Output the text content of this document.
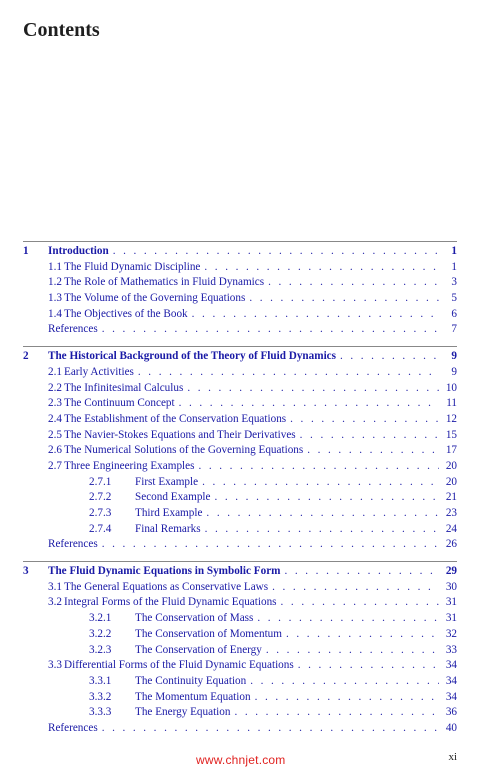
Contents
1	Introduction . . .	1
1.1 The Fluid Dynamic Discipline . . .	1
1.2 The Role of Mathematics in Fluid Dynamics . . .	3
1.3 The Volume of the Governing Equations . . .	5
1.4 The Objectives of the Book . . .	6
References . . .	7
2	The Historical Background of the Theory of Fluid Dynamics . . .	9
2.1 Early Activities . . .	9
2.2 The Infinitesimal Calculus . . .	10
2.3 The Continuum Concept . . .	11
2.4 The Establishment of the Conservation Equations . . .	12
2.5 The Navier-Stokes Equations and Their Derivatives . . .	15
2.6 The Numerical Solutions of the Governing Equations . . .	17
2.7 Three Engineering Examples . . .	20
2.7.1	First Example . . .	20
2.7.2	Second Example . . .	21
2.7.3	Third Example . . .	23
2.7.4	Final Remarks . . .	24
References . . .	26
3	The Fluid Dynamic Equations in Symbolic Form . . .	29
3.1 The General Equations as Conservative Laws . . .	30
3.2 Integral Forms of the Fluid Dynamic Equations . . .	31
3.2.1	The Conservation of Mass . . .	31
3.2.2	The Conservation of Momentum . . .	32
3.2.3	The Conservation of Energy . . .	33
3.3 Differential Forms of the Fluid Dynamic Equations . . .	34
3.3.1	The Continuity Equation . . .	34
3.3.2	The Momentum Equation . . .	34
3.3.3	The Energy Equation . . .	36
References . . .	40

www.chnjet.com	xi
